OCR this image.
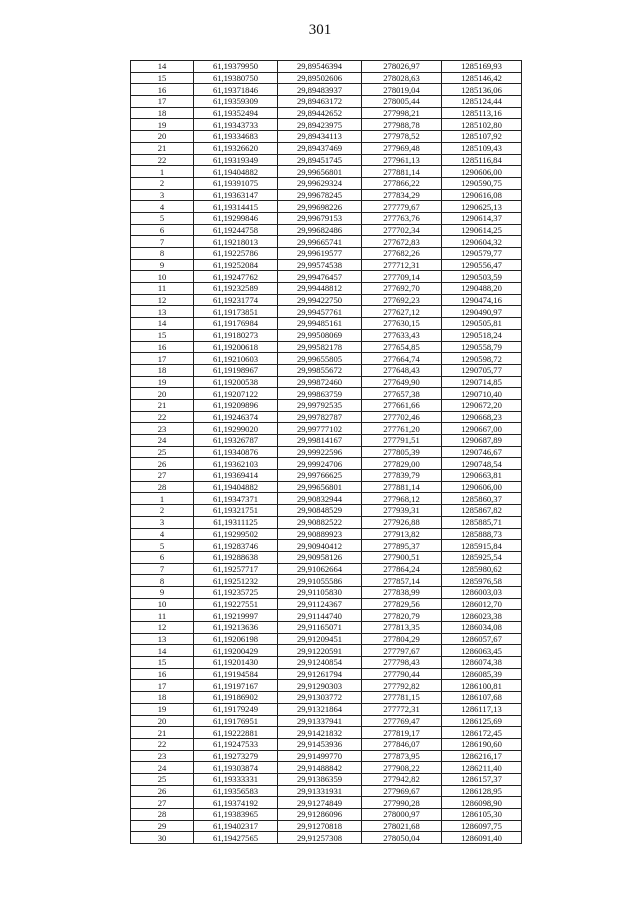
301
14	61,19379950	29,89546394	278026,97	1285169,93
15	61,19380750	29,89502606	278028,63	1285146,42
16	61,19371846	29,89483937	278019,04	1285136,06
17	61,19359309	29,89463172	278005,44	1285124,44
18	61,19352494	29,89442652	277998,21	1285113,16
19	61,19343733	29,89423975	277988,78	1285102,80
20	61,19334683	29,89434113	277978,52	1285107,92
21	61,19326620	29,89437469	277969,48	1285109,43
22	61,19319349	29,89451745	277961,13	1285116,84
1	61,19404882	29,99656801	277881,14	1290606,00
2	61,19391075	29,99629324	277866,22	1290590,75
3	61,19363147	29,99678245	277834,29	1290616,08
4	61,19314415	29,99698226	277779,67	1290625,13
5	61,19299846	29,99679153	277763,76	1290614,37
6	61,19244758	29,99682486	277702,34	1290614,25
7	61,19218013	29,99665741	277672,83	1290604,32
8	61,19225786	29,99619577	277682,26	1290579,77
9	61,19252084	29,99574538	277712,31	1290556,47
10	61,19247762	29,99476457	277709,14	1290503,59
11	61,19232589	29,99448812	277692,70	1290488,20
12	61,19231774	29,99422750	277692,23	1290474,16
13	61,19173851	29,99457761	277627,12	1290490,97
14	61,19176984	29,99485161	277630,15	1290505,81
15	61,19180273	29,99508069	277633,43	1290518,24
16	61,19200618	29,99582178	277654,85	1290558,79
17	61,19210603	29,99655805	277664,74	1290598,72
18	61,19198967	29,99855672	277648,43	1290705,77
19	61,19200538	29,99872460	277649,90	1290714,85
20	61,19207122	29,99863759	277657,38	1290710,40
21	61,19209896	29,99792535	277661,66	1290672,20
22	61,19246374	29,99782787	277702,46	1290668,23
23	61,19299020	29,99777102	277761,20	1290667,00
24	61,19326787	29,99814167	277791,51	1290687,89
25	61,19340876	29,99922596	277805,39	1290746,67
26	61,19362103	29,99924706	277829,00	1290748,54
27	61,19369414	29,99766625	277839,79	1290663,81
28	61,19404882	29,99656801	277881,14	1290606,00
1	61,19347371	29,90832944	277968,12	1285860,37
2	61,19321751	29,90848529	277939,31	1285867,82
3	61,19311125	29,90882522	277926,88	1285885,71
4	61,19299502	29,90889923	277913,82	1285888,73
5	61,19283746	29,90940412	277895,37	1285915,84
6	61,19288638	29,90958126	277900,51	1285925,54
7	61,19257717	29,91062664	277864,24	1285980,62
8	61,19251232	29,91055586	277857,14	1285976,58
9	61,19235725	29,91105830	277838,99	1286003,03
10	61,19227551	29,91124367	277829,56	1286012,70
11	61,19219997	29,91144740	277820,79	1286023,38
12	61,19213636	29,91165071	277813,35	1286034,08
13	61,19206198	29,91209451	277804,29	1286057,67
14	61,19200429	29,91220591	277797,67	1286063,45
15	61,19201430	29,91240854	277798,43	1286074,38
16	61,19194584	29,91261794	277790,44	1286085,39
17	61,19197167	29,91290303	277792,82	1286100,81
18	61,19186902	29,91303772	277781,15	1286107,68
19	61,19179249	29,91321864	277772,31	1286117,13
20	61,19176951	29,91337941	277769,47	1286125,69
21	61,19222881	29,91421832	277819,17	1286172,45
22	61,19247533	29,91453936	277846,07	1286190,60
23	61,19273279	29,91499770	277873,95	1286216,17
24	61,19303874	29,91488842	277908,22	1286211,40
25	61,19333331	29,91386359	277942,82	1286157,37
26	61,19356583	29,91331931	277969,67	1286128,95
27	61,19374192	29,91274849	277990,28	1286098,90
28	61,19383965	29,91286096	278000,97	1286105,30
29	61,19402317	29,91270818	278021,68	1286097,75
30	61,19427565	29,91257308	278050,04	1286091,40
